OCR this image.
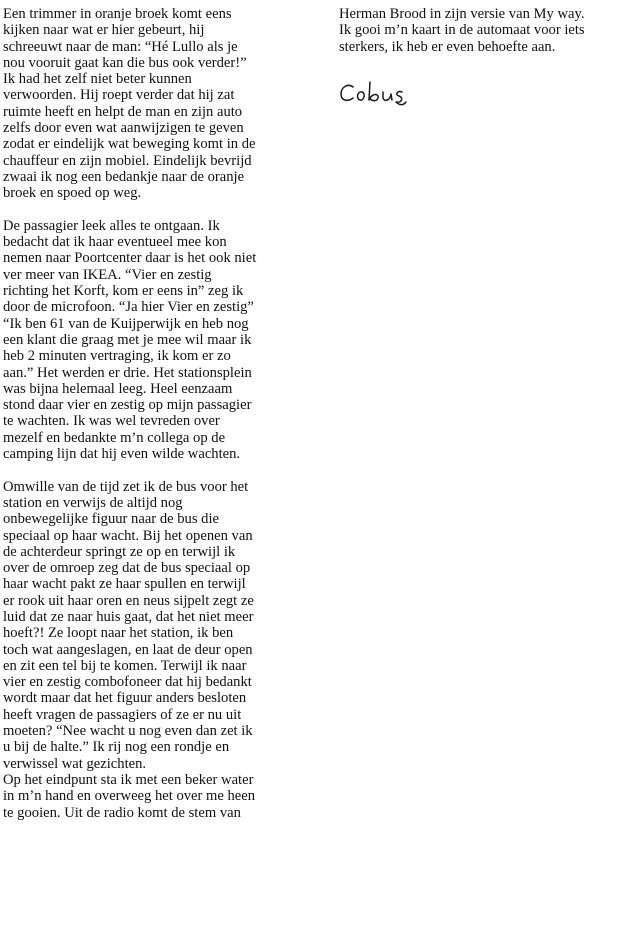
Een trimmer in oranje broek komt eens
kijken naar wat er hier gebeurt, hij
schreeuwt naar de man: “Hé Lullo als je
nou vooruit gaat kan die bus ook verder!”
Ik had het zelf niet beter kunnen
verwoorden. Hij roept verder dat hij zat
ruimte heeft en helpt de man en zijn auto
zelfs door even wat aanwijzigen te geven
zodat er eindelijk wat beweging komt in de
chauffeur en zijn mobiel. Eindelijk bevrijd
zwaai ik nog een bedankje naar de oranje
broek en spoed op weg.
De passagier leek alles te ontgaan. Ik
bedacht dat ik haar eventueel mee kon
nemen naar Poortcenter daar is het ook niet
ver meer van IKEA. “Vier en zestig
richting het Korft, kom er eens in” zeg ik
door de microfoon. “Ja hier Vier en zestig”
“Ik ben 61 van de Kuijperwijk en heb nog
een klant die graag met je mee wil maar ik
heb 2 minuten vertraging, ik kom er zo
aan.” Het werden er drie. Het stationsplein
was bijna helemaal leeg. Heel eenzaam
stond daar vier en zestig op mijn passagier
te wachten. Ik was wel tevreden over
mezelf en bedankte m’n collega op de
camping lijn dat hij even wilde wachten.
Omwille van de tijd zet ik de bus voor het
station en verwijs de altijd nog
onbewegelijke figuur naar de bus die
speciaal op haar wacht. Bij het openen van
de achterdeur springt ze op en terwijl ik
over de omroep zeg dat de bus speciaal op
haar wacht pakt ze haar spullen en terwijl
er rook uit haar oren en neus sijpelt zegt ze
luid dat ze naar huis gaat, dat het niet meer
hoeft?! Ze loopt naar het station, ik ben
toch wat aangeslagen, en laat de deur open
en zit een tel bij te komen. Terwijl ik naar
vier en zestig combofoneer dat hij bedankt
wordt maar dat het figuur anders besloten
heeft vragen de passagiers of ze er nu uit
moeten? “Nee wacht u nog even dan zet ik
u bij de halte.” Ik rij nog een rondje en
verwissel wat gezichten.
Op het eindpunt sta ik met een beker water
in m’n hand en overweeg het over me heen
te gooien. Uit de radio komt de stem van
Herman Brood in zijn versie van My way.
Ik gooi m’n kaart in de automaat voor iets
sterkers, ik heb er even behoefte aan.
